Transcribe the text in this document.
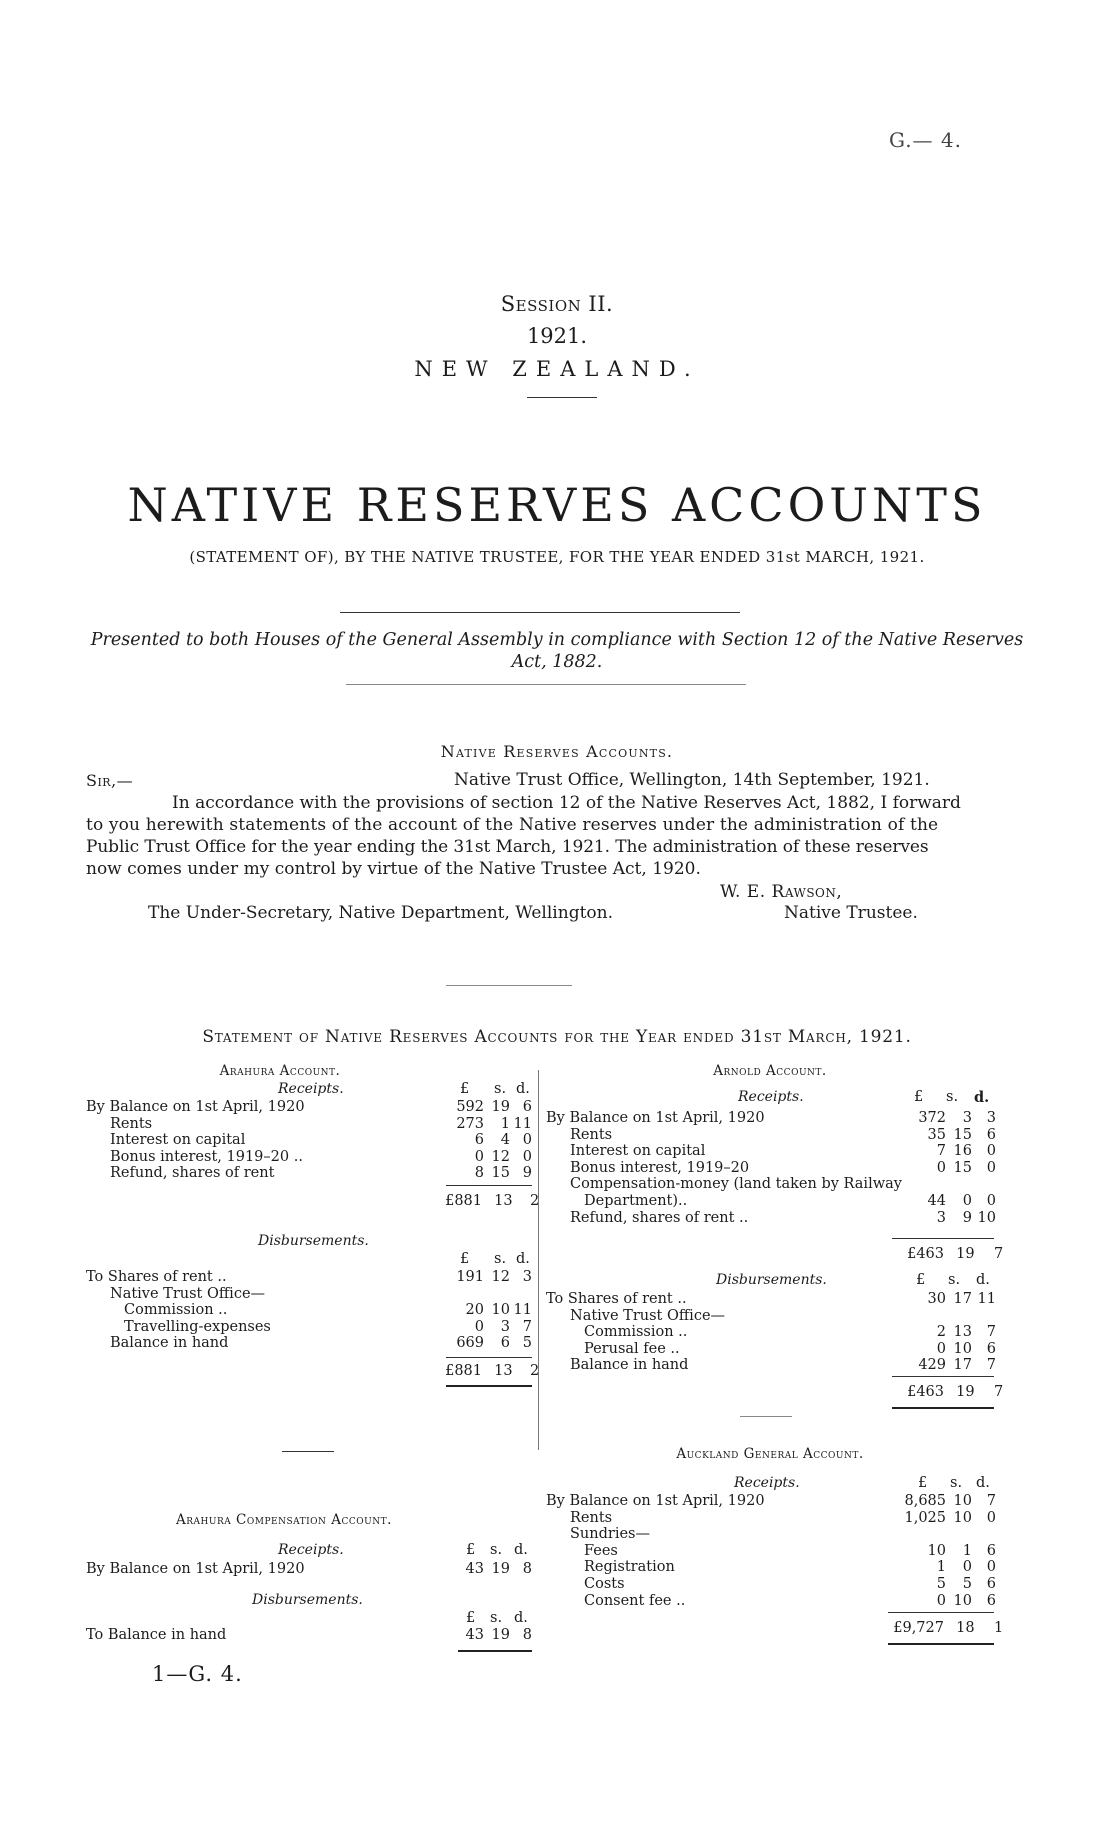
G.— 4.
Session II.
1921.
NEW ZEALAND.
NATIVE RESERVES ACCOUNTS
(STATEMENT OF), BY THE NATIVE TRUSTEE, FOR THE YEAR ENDED 31st MARCH, 1921.
Presented to both Houses of the General Assembly in compliance with Section 12 of the Native Reserves
Act, 1882.
Native Reserves Accounts.
Sir,—	Native Trust Office, Wellington, 14th September, 1921.
In accordance with the provisions of section 12 of the Native Reserves Act, 1882, I forward
to you herewith statements of the account of the Native reserves under the administration of the
Public Trust Office for the year ending the 31st March, 1921. The administration of these reserves
now comes under my control by virtue of the Native Trustee Act, 1920.
W. E. Rawson,
The Under-Secretary, Native Department, Wellington.	Native Trustee.
Statement of Native Reserves Accounts for the Year ended 31st March, 1921.
Arahura Account.
Receipts.	£ s. d.
By Balance on 1st April, 1920	592 19 6
Rents	273 1 11
Interest on capital	6 4 0
Bonus interest, 1919–20 ..	0 12 0
Refund, shares of rent	8 15 9
£881 13 2
Disbursements.
£ s. d.
To Shares of rent ..	191 12 3
Native Trust Office—
Commission ..	20 10 11
Travelling-expenses	0 3 7
Balance in hand	669 6 5
£881 13 2
Arahura Compensation Account.
Receipts.	£ s. d.
By Balance on 1st April, 1920	43 19 8
Disbursements.
£ s. d.
To Balance in hand	43 19 8
1—G. 4.
Arnold Account.
Receipts.	£ s. d.
By Balance on 1st April, 1920	372 3 3
Rents	35 15 6
Interest on capital	7 16 0
Bonus interest, 1919–20	0 15 0
Compensation-money (land taken by Railway
Department)..	44 0 0
Refund, shares of rent ..	3 9 10
£463 19 7
Disbursements.	£ s. d.
To Shares of rent ..	30 17 11
Native Trust Office—
Commission ..	2 13 7
Perusal fee ..	0 10 6
Balance in hand	429 17 7
£463 19 7
Auckland General Account.
Receipts.	£ s. d.
By Balance on 1st April, 1920	8,685 10 7
Rents	1,025 10 0
Sundries—
Fees	10 1 6
Registration	1 0 0
Costs	5 5 6
Consent fee ..	0 10 6
£9,727 18 1
